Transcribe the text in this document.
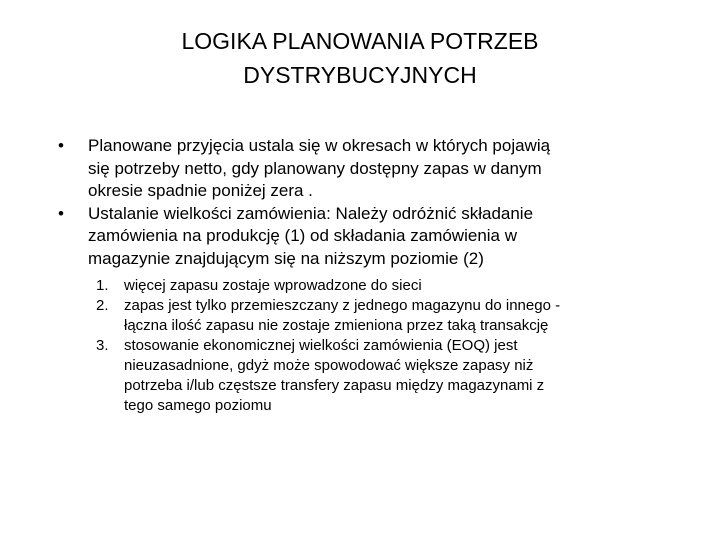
LOGIKA PLANOWANIA POTRZEB
DYSTRYBUCYJNYCH
• Planowane przyjęcia ustala się w okresach w których pojawią
się potrzeby netto, gdy planowany dostępny zapas w danym
okresie spadnie poniżej zera .
• Ustalanie wielkości zamówienia: Należy odróżnić składanie
zamówienia na produkcję (1) od składania zamówienia w
magazynie znajdującym się na niższym poziomie (2)
1. więcej zapasu zostaje wprowadzone do sieci
2. zapas jest tylko przemieszczany z jednego magazynu do innego -
łączna ilość zapasu nie zostaje zmieniona przez taką transakcję
3. stosowanie ekonomicznej wielkości zamówienia (EOQ) jest
nieuzasadnione, gdyż może spowodować większe zapasy niż
potrzeba i/lub częstsze transfery zapasu między magazynami z
tego samego poziomu
